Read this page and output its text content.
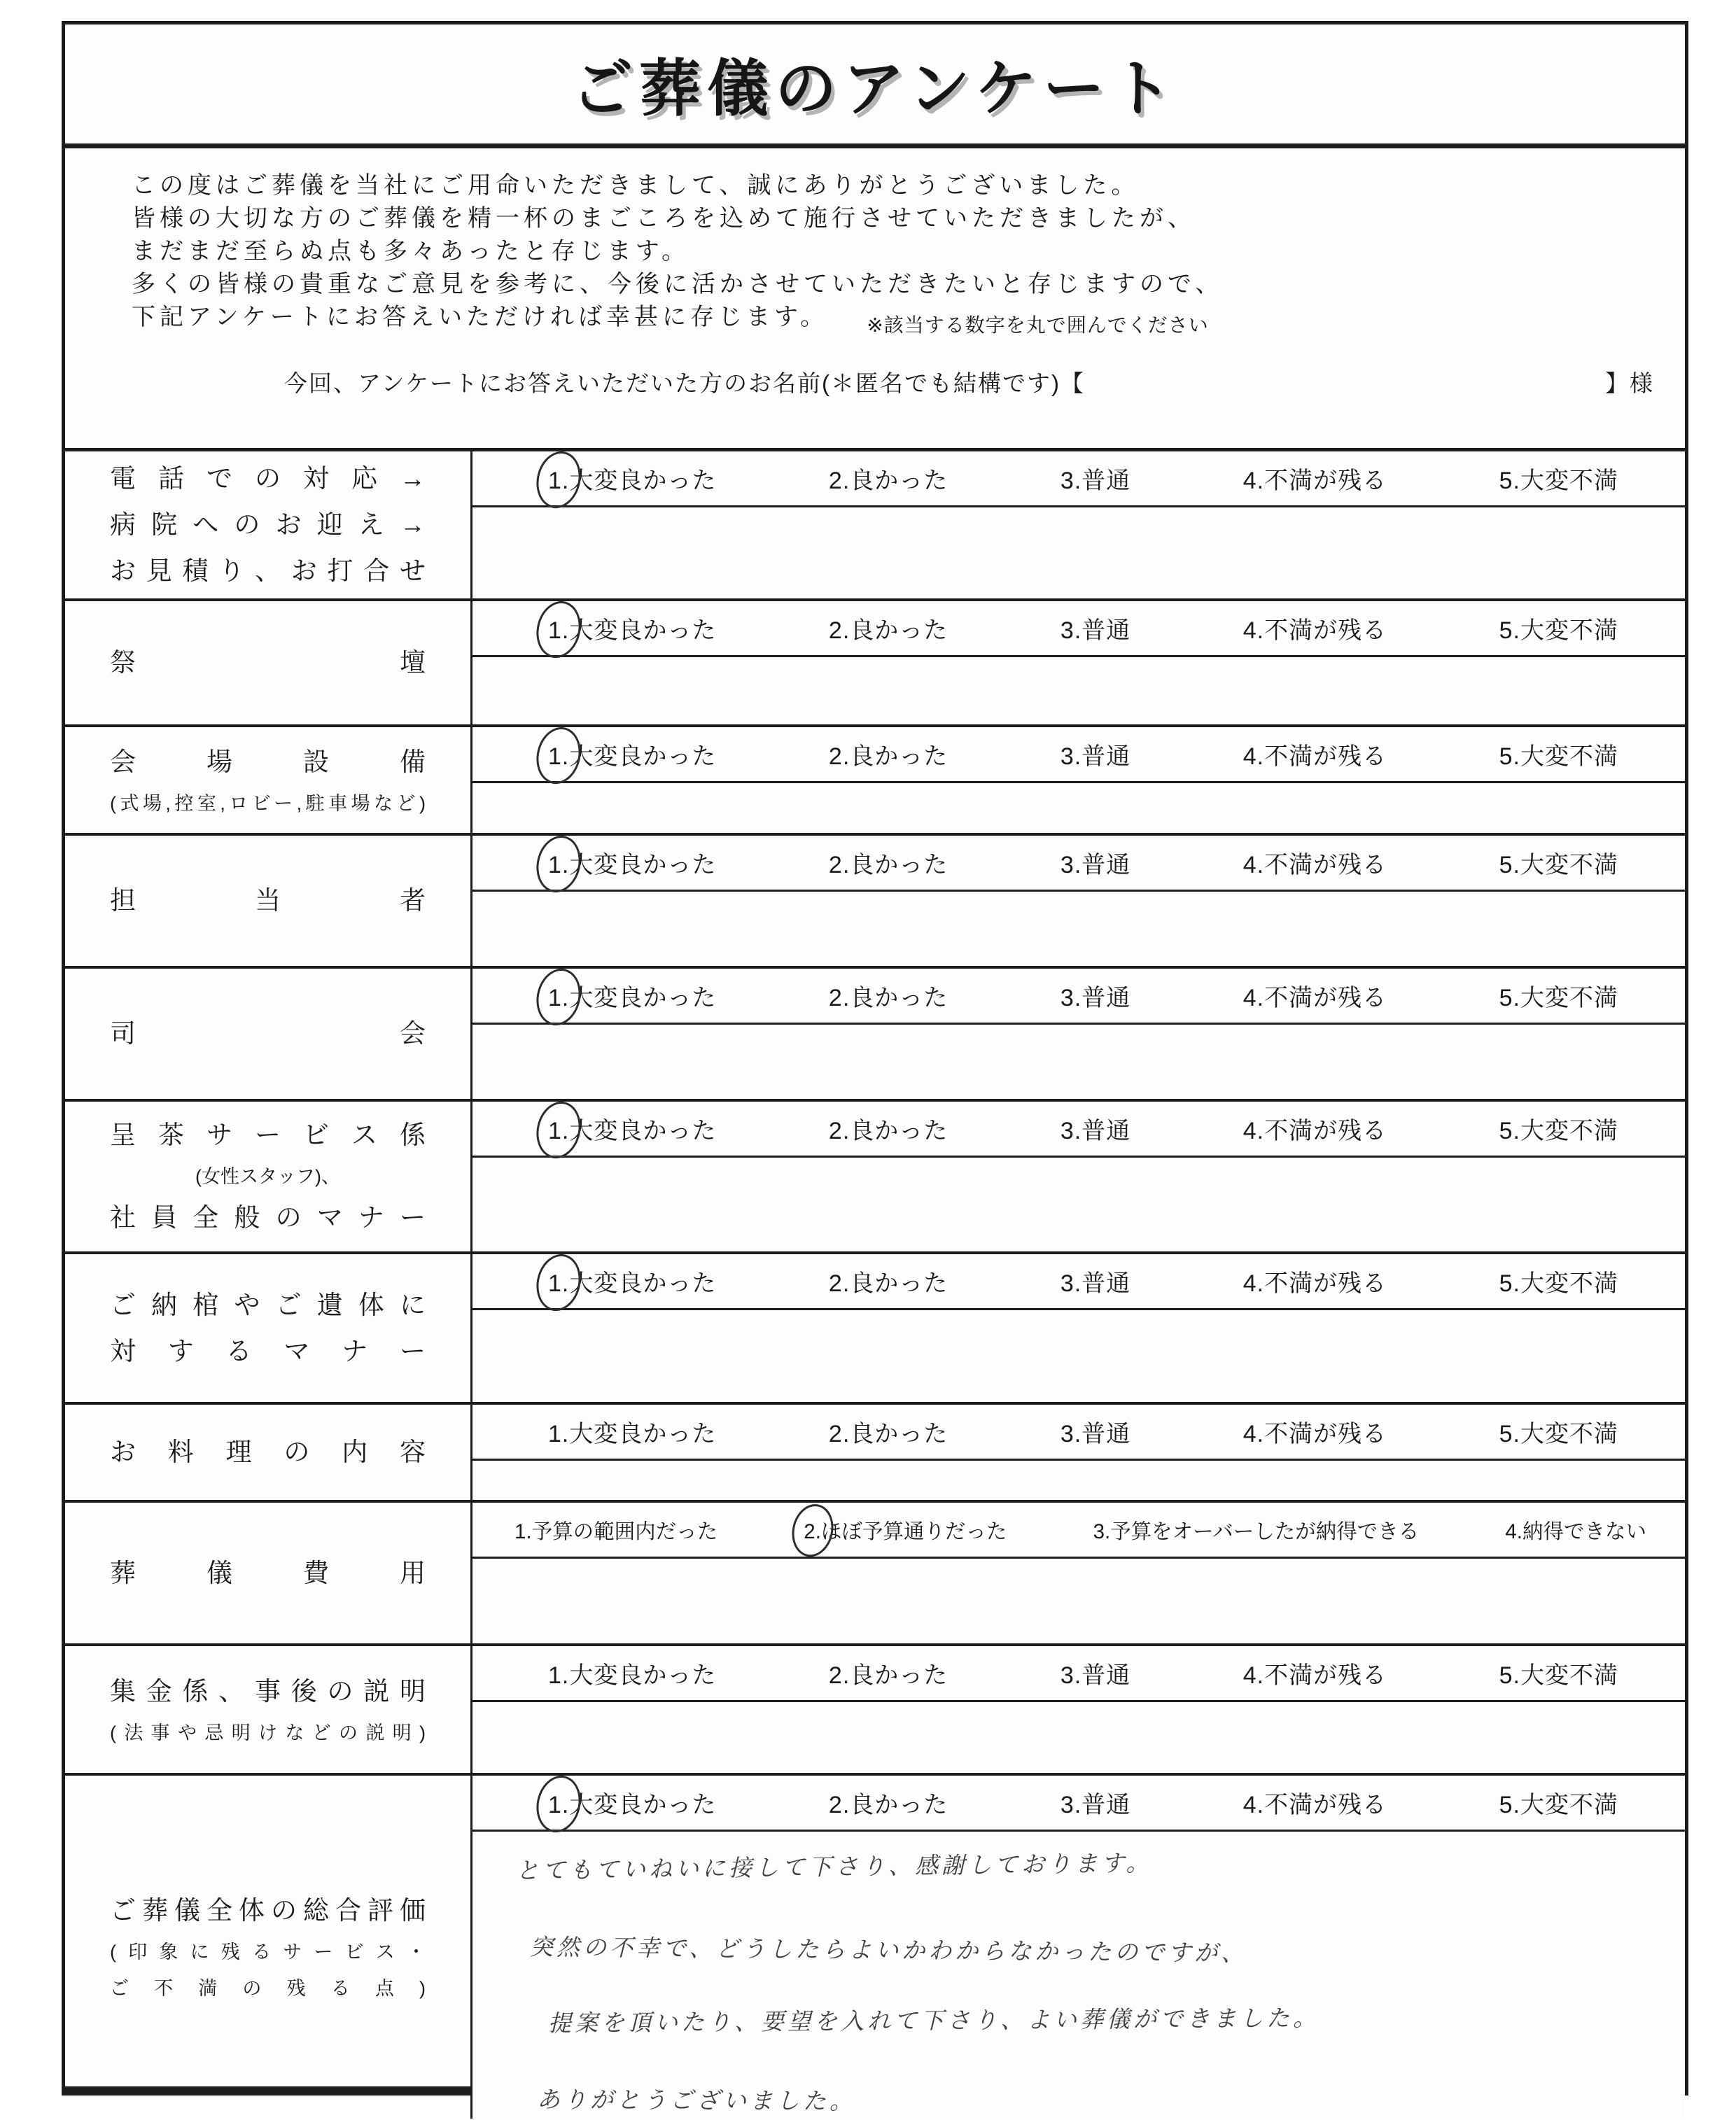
ご葬儀のアンケート
この度はご葬儀を当社にご用命いただきまして、誠にありがとうございました。
皆様の大切な方のご葬儀を精一杯のまごころを込めて施行させていただきましたが、
まだまだ至らぬ点も多々あったと存じます。
多くの皆様の貴重なご意見を参考に、今後に活かさせていただきたいと存じますので、
下記アンケートにお答えいただければ幸甚に存じます。 ※該当する数字を丸で囲んでください
今回、アンケートにお答えいただいた方のお名前(＊匿名でも結構です)【	】様
電話での対応→
病院へのお迎え→
お見積り、お打合せ
1.大変良かった	2.良かった	3.普通	4.不満が残る	5.大変不満
祭壇
1.大変良かった	2.良かった	3.普通	4.不満が残る	5.大変不満
会場設備
(式場,控室,ロビー,駐車場など)
1.大変良かった	2.良かった	3.普通	4.不満が残る	5.大変不満
担当者
1.大変良かった	2.良かった	3.普通	4.不満が残る	5.大変不満
司会
1.大変良かった	2.良かった	3.普通	4.不満が残る	5.大変不満
呈茶サービス係
(女性スタッフ)、
社員全般のマナー
1.大変良かった	2.良かった	3.普通	4.不満が残る	5.大変不満
ご納棺やご遺体に
対するマナー
1.大変良かった	2.良かった	3.普通	4.不満が残る	5.大変不満
お料理の内容
1.大変良かった	2.良かった	3.普通	4.不満が残る	5.大変不満
葬儀費用
1.予算の範囲内だった	2.ほぼ予算通りだった	3.予算をオーバーしたが納得できる	4.納得できない
集金係、事後の説明
(法事や忌明けなどの説明)
1.大変良かった	2.良かった	3.普通	4.不満が残る	5.大変不満
ご葬儀全体の総合評価
(印象に残るサービス・
ご不満の残る点)
1.大変良かった	2.良かった	3.普通	4.不満が残る	5.大変不満
とてもていねいに接して下さり、感謝しております。
突然の不幸で、どうしたらよいかわからなかったのですが、
提案を頂いたり、要望を入れて下さり、よい葬儀ができました。
ありがとうございました。
